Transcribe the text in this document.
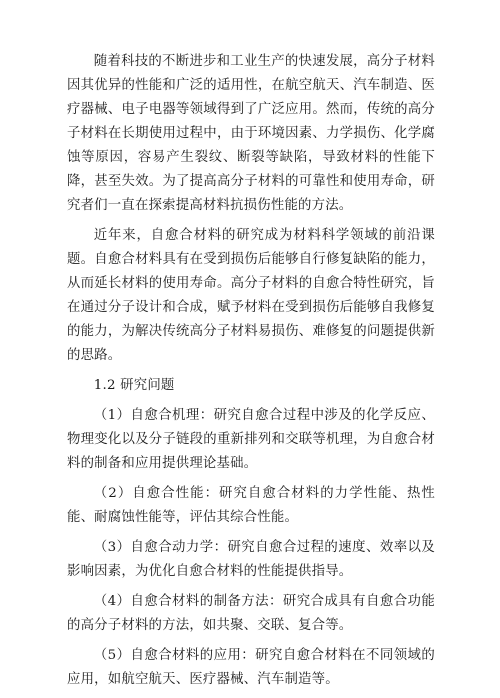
随着科技的不断进步和工业生产的快速发展，高分子材料因其优异的性能和广泛的适用性，在航空航天、汽车制造、医疗器械、电子电器等领域得到了广泛应用。然而，传统的高分子材料在长期使用过程中，由于环境因素、力学损伤、化学腐蚀等原因，容易产生裂纹、断裂等缺陷，导致材料的性能下降，甚至失效。为了提高高分子材料的可靠性和使用寿命，研究者们一直在探索提高材料抗损伤性能的方法。

近年来，自愈合材料的研究成为材料科学领域的前沿课题。自愈合材料具有在受到损伤后能够自行修复缺陷的能力，从而延长材料的使用寿命。高分子材料的自愈合特性研究，旨在通过分子设计和合成，赋予材料在受到损伤后能够自我修复的能力，为解决传统高分子材料易损伤、难修复的问题提供新的思路。

1.2 研究问题

（1）自愈合机理：研究自愈合过程中涉及的化学反应、物理变化以及分子链段的重新排列和交联等机理，为自愈合材料的制备和应用提供理论基础。

（2）自愈合性能：研究自愈合材料的力学性能、热性能、耐腐蚀性能等，评估其综合性能。

（3）自愈合动力学：研究自愈合过程的速度、效率以及影响因素，为优化自愈合材料的性能提供指导。

（4）自愈合材料的制备方法：研究合成具有自愈合功能的高分子材料的方法，如共聚、交联、复合等。

（5）自愈合材料的应用：研究自愈合材料在不同领域的应用，如航空航天、医疗器械、汽车制造等。
